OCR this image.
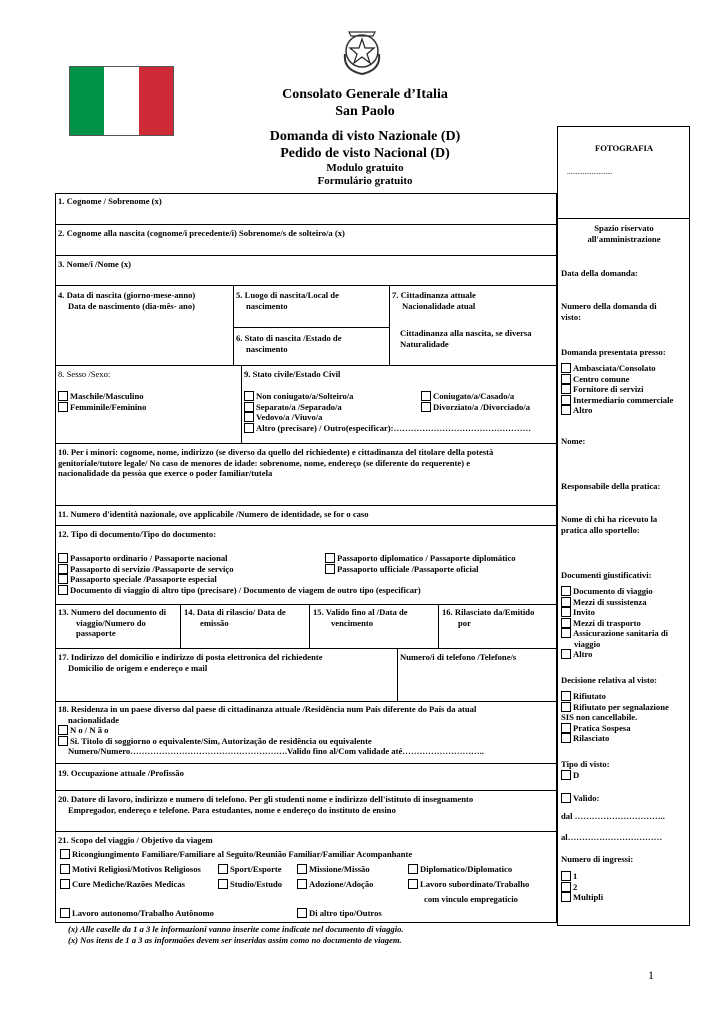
Consolato Generale d’Italia
San Paolo
Domanda di visto Nazionale (D)
Pedido de visto Nacional (D)
Modulo gratuito
Formulário gratuito
FOTOGRAFIA
..........................
Spazio riservato
all'amministrazione
Data della domanda:
Numero della domanda di
visto:
Domanda presentata presso:
Ambasciata/Consolato
Centro comune
Fornitore di servizi
Intermediario commerciale
Altro
Nome:
Responsabile della pratica:
Nome di chi ha ricevuto la
pratica allo sportello:
Documenti giustificativi:
Documento di viaggio
Mezzi di sussistenza
Invito
Mezzi di trasporto
Assicurazione sanitaria di
viaggio
Altro
Decisione relativa al visto:
Rifiutato
Rifiutato per segnalazione
SIS non cancellabile.
Pratica Sospesa
Rilasciato
Tipo di visto:
D
Valido:
dal …………………………..
al……………………………
Numero di ingressi:
1
2
Multipli
1. Cognome / Sobrenome (x)
2. Cognome alla nascita (cognome/i precedente/i) Sobrenome/s de solteiro/a (x)
3. Nome/i /Nome (x)
4. Data di nascita (giorno-mese-anno)
Data de nascimento (dia-mês- ano)
5. Luogo di nascita/Local de
nascimento
6. Stato di nascita /Estado de
nascimento
7. Cittadinanza attuale
Nacionalidade atual
Cittadinanza alla nascita, se diversa
Naturalidade
8. Sesso /Sexo:
Maschile/Masculino
Femminile/Feminino
9. Stato civile/Estado Civil
Non coniugato/a/Solteiro/a
Separato/a /Separado/a
Vedovo/a /Viuvo/a
Altro (precisare) / Outro(especificar):…………………………………………
Coniugato/a/Casado/a
Divorziato/a /Divorciado/a
10. Per i minori: cognome, nome, indirizzo (se diverso da quello del richiedente) e cittadinanza del titolare della potestà
genitoriale/tutore legale/ No caso de menores de idade: sobrenome, nome, endereço (se diferente do requerente) e
nacionalidade da pessòa que exerce o poder familiar/tutela
11. Numero d'identità nazionale, ove applicabile /Numero de identidade, se for o caso
12. Tipo di documento/Tipo do documento:
Passaporto ordinario / Passaporte nacional
Passaporto di servizio /Passaporte de serviço
Passaporto speciale /Passaporte especial
Documento di viaggio di altro tipo (precisare) / Documento de viagem de outro tipo (especificar)
Passaporto diplomatico / Passaporte diplomático
Passaporto ufficiale /Passaporte oficial
13. Numero del documento di
viaggio/Numero do
passaporte
14. Data di rilascio/ Data de
emissão
15. Valido fino al /Data de
vencimento
16. Rilasciato da/Emitido
por
17. Indirizzo del domicilio e indirizzo di posta elettronica del richiedente
Domicilio de origem e endereço e mail
Numero/i di telefono /Telefone/s
18. Residenza in un paese diverso dal paese di cittadinanza attuale /Residência num País diferente do País da atual
nacionalidade
N o / N ã o
Si. Titolo di soggiorno o equivalente/Sim, Autorização de residência ou equivalente
Numero/Numero……………………………………………….Valido fino al/Com validade até………………………..
19. Occupazione attuale /Profissão
20. Datore di lavoro, indirizzo e numero di telefono. Per gli studenti nome e indirizzo dell'istituto di insegnamento
Empregador, endereço e telefone. Para estudantes, nome e endereço do instituto de ensino
21. Scopo del viaggio / Objetivo da viagem
Ricongiungimento Familiare/Familiare al Seguito/Reunião Familiar/Familiar Acompanhante
Motivi Religiosi/Motivos Religiosos	Sport/Esporte	Missione/Missão	Diplomatico/Diplomatico
Cure Mediche/Razões Medicas	Studio/Estudo	Adozione/Adoção	Lavoro subordinato/Trabalho
com vinculo empregaticio
Lavoro autonomo/Trabalho Autônomo	Di altro tipo/Outros
(x) Alle caselle da 1 a 3 le informazioni vanno inserite come indicate nel documento di viaggio.
(x) Nos itens de 1 a 3 as informaões devem ser inseridas assim como no documento de viagem.
1
